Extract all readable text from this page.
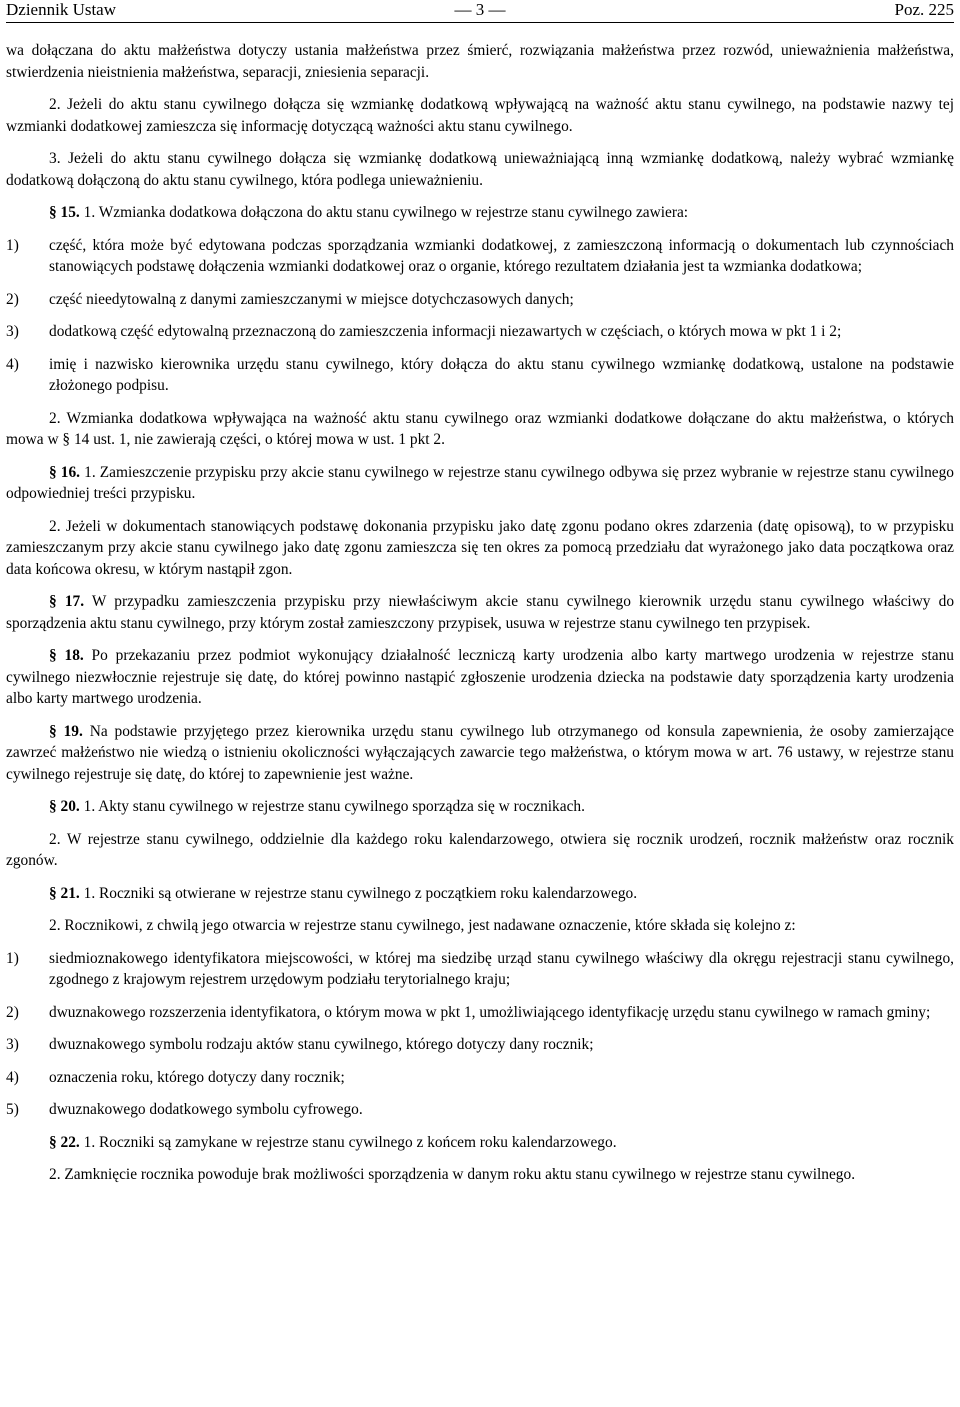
Dziennik Ustaw	— 3 —	Poz. 225

wa dołączana do aktu małżeństwa dotyczy ustania małżeństwa przez śmierć, rozwiązania małżeństwa przez rozwód, unieważnienia małżeństwa, stwierdzenia nieistnienia małżeństwa, separacji, zniesienia separacji.

2. Jeżeli do aktu stanu cywilnego dołącza się wzmiankę dodatkową wpływającą na ważność aktu stanu cywilnego, na podstawie nazwy tej wzmianki dodatkowej zamieszcza się informację dotyczącą ważności aktu stanu cywilnego.

3. Jeżeli do aktu stanu cywilnego dołącza się wzmiankę dodatkową unieważniającą inną wzmiankę dodatkową, należy wybrać wzmiankę dodatkową dołączoną do aktu stanu cywilnego, która podlega unieważnieniu.

§ 15. 1. Wzmianka dodatkowa dołączona do aktu stanu cywilnego w rejestrze stanu cywilnego zawiera:

1)	część, która może być edytowana podczas sporządzania wzmianki dodatkowej, z zamieszczoną informacją o dokumentach lub czynnościach stanowiących podstawę dołączenia wzmianki dodatkowej oraz o organie, którego rezultatem działania jest ta wzmianka dodatkowa;
2)	część nieedytowalną z danymi zamieszczanymi w miejsce dotychczasowych danych;
3)	dodatkową część edytowalną przeznaczoną do zamieszczenia informacji niezawartych w częściach, o których mowa w pkt 1 i 2;
4)	imię i nazwisko kierownika urzędu stanu cywilnego, który dołącza do aktu stanu cywilnego wzmiankę dodatkową, ustalone na podstawie złożonego podpisu.

2. Wzmianka dodatkowa wpływająca na ważność aktu stanu cywilnego oraz wzmianki dodatkowe dołączane do aktu małżeństwa, o których mowa w § 14 ust. 1, nie zawierają części, o której mowa w ust. 1 pkt 2.

§ 16. 1. Zamieszczenie przypisku przy akcie stanu cywilnego w rejestrze stanu cywilnego odbywa się przez wybranie w rejestrze stanu cywilnego odpowiedniej treści przypisku.

2. Jeżeli w dokumentach stanowiących podstawę dokonania przypisku jako datę zgonu podano okres zdarzenia (datę opisową), to w przypisku zamieszczanym przy akcie stanu cywilnego jako datę zgonu zamieszcza się ten okres za pomocą przedziału dat wyrażonego jako data początkowa oraz data końcowa okresu, w którym nastąpił zgon.

§ 17. W przypadku zamieszczenia przypisku przy niewłaściwym akcie stanu cywilnego kierownik urzędu stanu cywilnego właściwy do sporządzenia aktu stanu cywilnego, przy którym został zamieszczony przypisek, usuwa w rejestrze stanu cywilnego ten przypisek.

§ 18. Po przekazaniu przez podmiot wykonujący działalność leczniczą karty urodzenia albo karty martwego urodzenia w rejestrze stanu cywilnego niezwłocznie rejestruje się datę, do której powinno nastąpić zgłoszenie urodzenia dziecka na podstawie daty sporządzenia karty urodzenia albo karty martwego urodzenia.

§ 19. Na podstawie przyjętego przez kierownika urzędu stanu cywilnego lub otrzymanego od konsula zapewnienia, że osoby zamierzające zawrzeć małżeństwo nie wiedzą o istnieniu okoliczności wyłączających zawarcie tego małżeństwa, o którym mowa w art. 76 ustawy, w rejestrze stanu cywilnego rejestruje się datę, do której to zapewnienie jest ważne.

§ 20. 1. Akty stanu cywilnego w rejestrze stanu cywilnego sporządza się w rocznikach.

2. W rejestrze stanu cywilnego, oddzielnie dla każdego roku kalendarzowego, otwiera się rocznik urodzeń, rocznik małżeństw oraz rocznik zgonów.

§ 21. 1. Roczniki są otwierane w rejestrze stanu cywilnego z początkiem roku kalendarzowego.

2. Rocznikowi, z chwilą jego otwarcia w rejestrze stanu cywilnego, jest nadawane oznaczenie, które składa się kolejno z:

1)	siedmioznakowego identyfikatora miejscowości, w której ma siedzibę urząd stanu cywilnego właściwy dla okręgu rejestracji stanu cywilnego, zgodnego z krajowym rejestrem urzędowym podziału terytorialnego kraju;
2)	dwuznakowego rozszerzenia identyfikatora, o którym mowa w pkt 1, umożliwiającego identyfikację urzędu stanu cywilnego w ramach gminy;
3)	dwuznakowego symbolu rodzaju aktów stanu cywilnego, którego dotyczy dany rocznik;
4)	oznaczenia roku, którego dotyczy dany rocznik;
5)	dwuznakowego dodatkowego symbolu cyfrowego.

§ 22. 1. Roczniki są zamykane w rejestrze stanu cywilnego z końcem roku kalendarzowego.

2. Zamknięcie rocznika powoduje brak możliwości sporządzenia w danym roku aktu stanu cywilnego w rejestrze stanu cywilnego.
